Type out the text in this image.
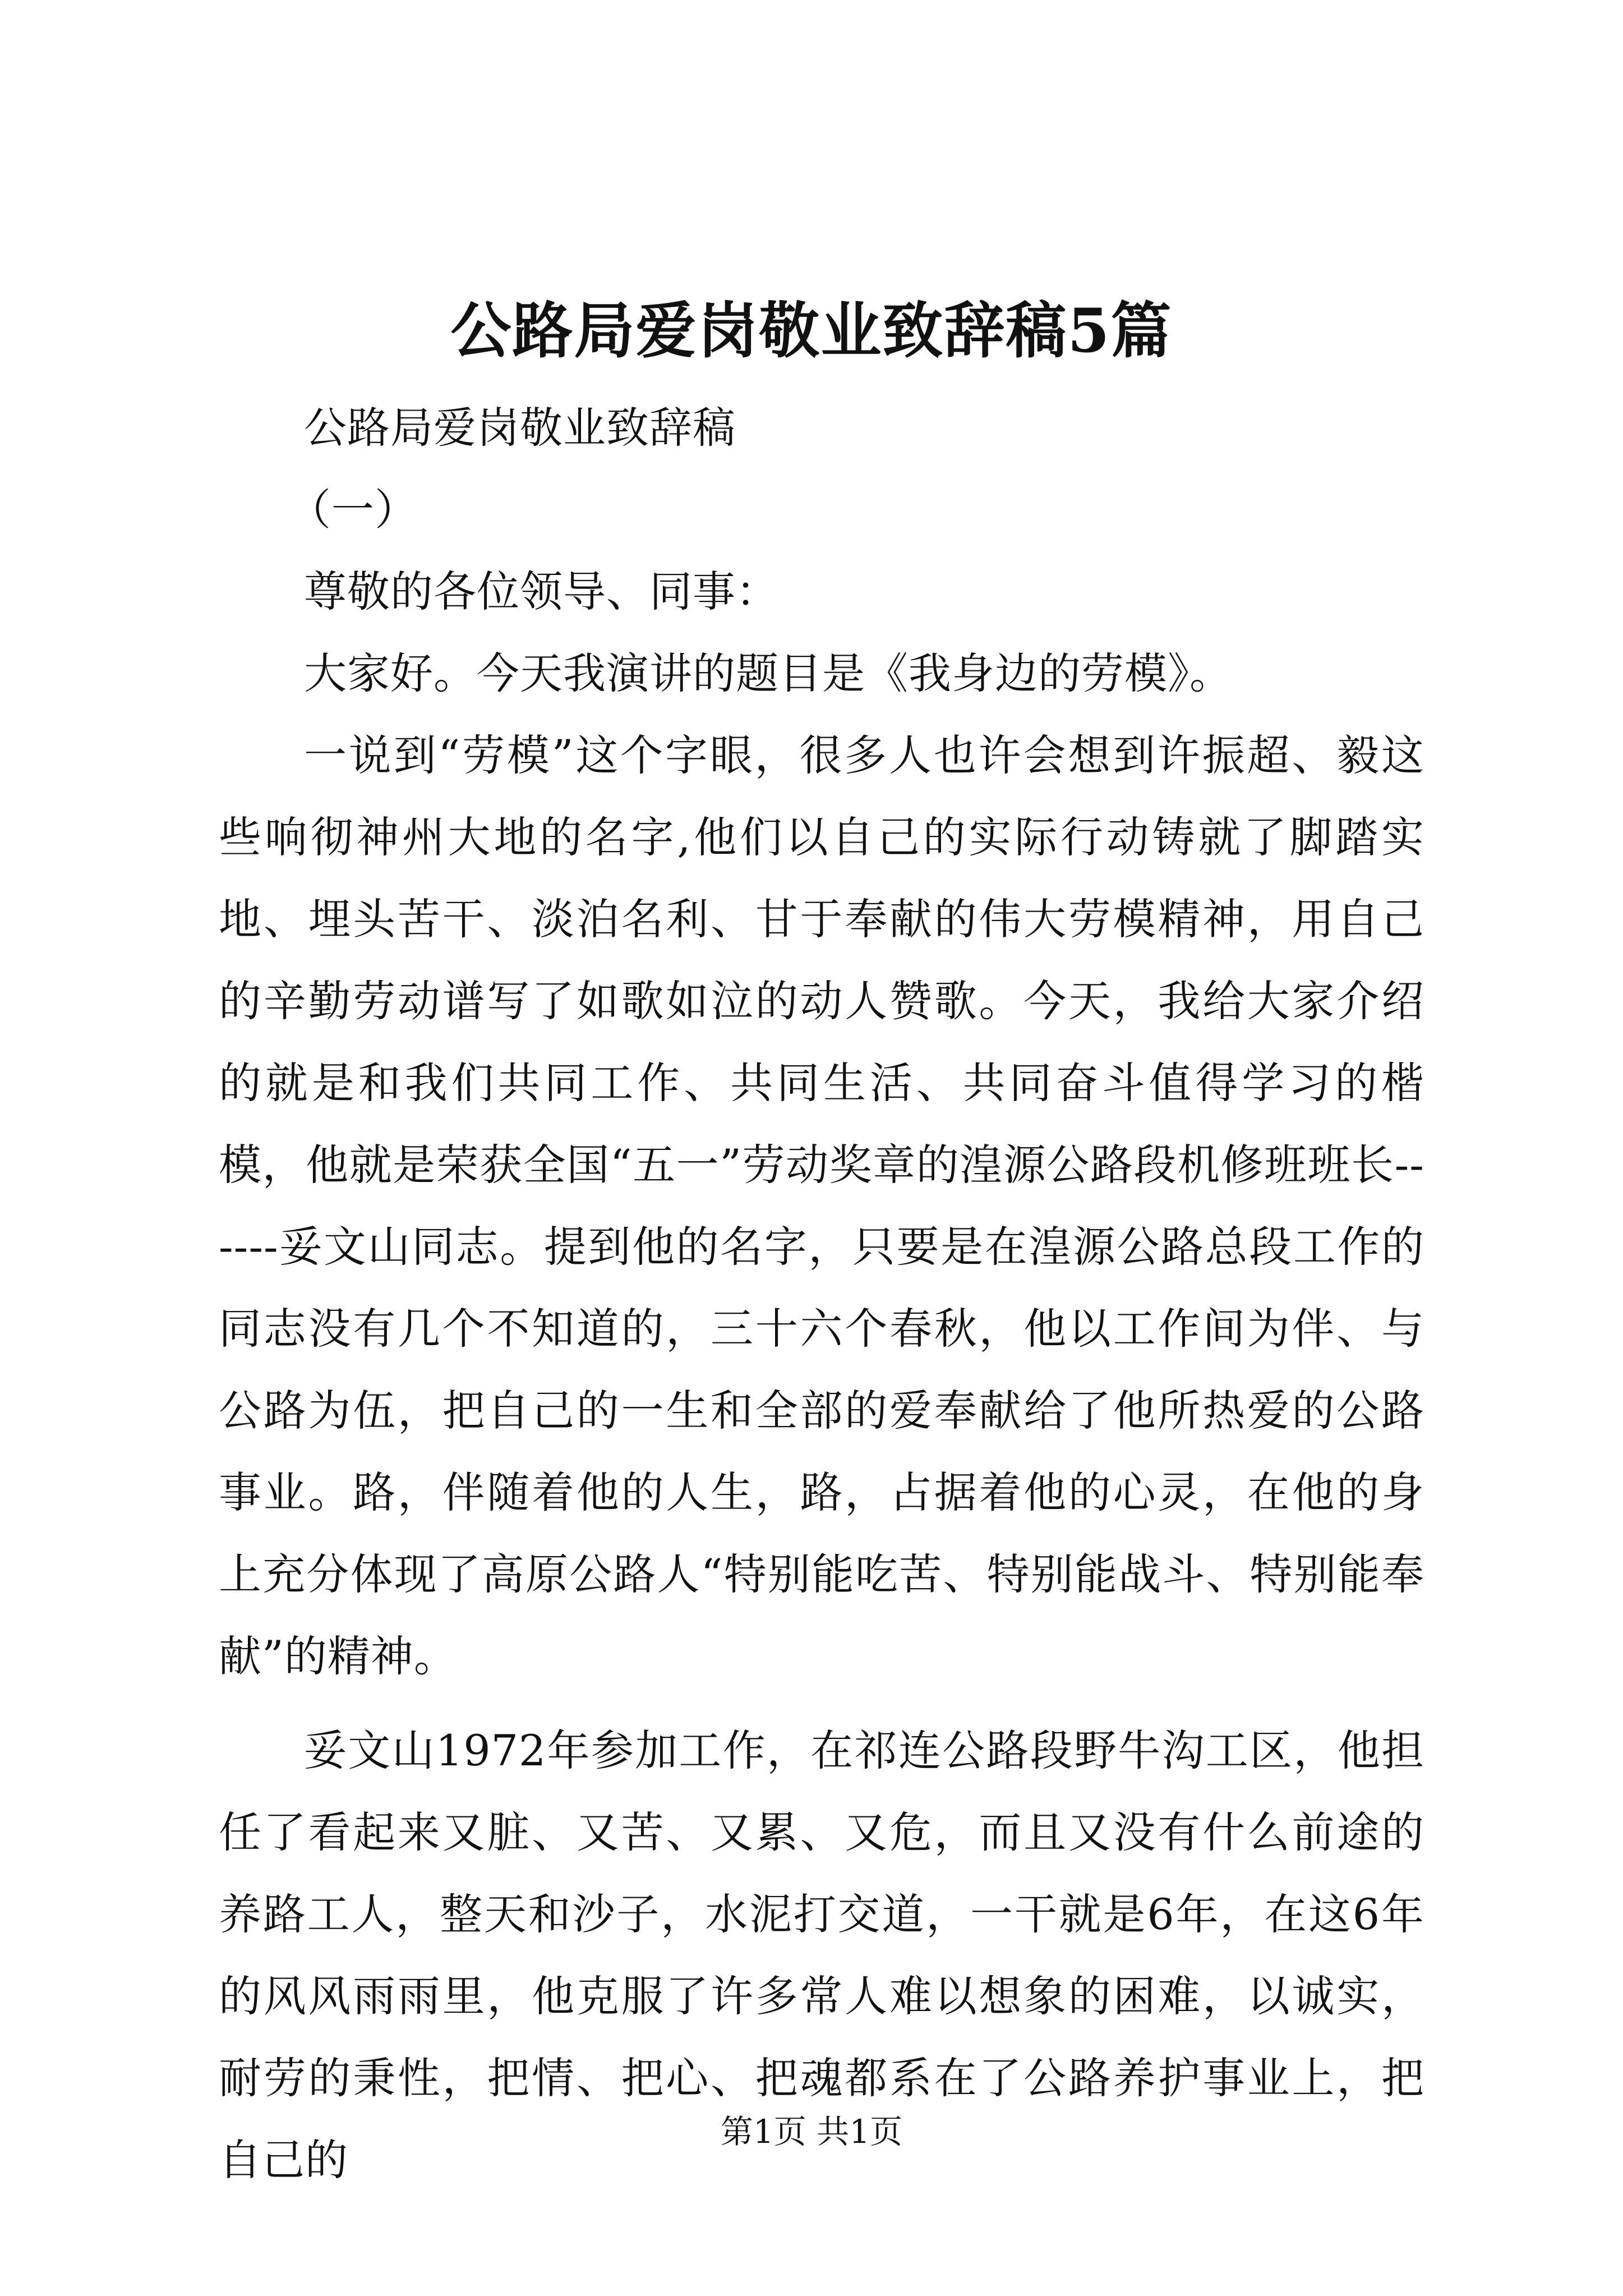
公路局爱岗敬业致辞稿5篇

公路局爱岗敬业致辞稿

（一）

尊敬的各位领导、同事：

大家好。今天我演讲的题目是《我身边的劳模》。

一说到“劳模”这个字眼，很多人也许会想到许振超、毅这些响彻神州大地的名字,他们以自己的实际行动铸就了脚踏实地、埋头苦干、淡泊名利、甘于奉献的伟大劳模精神，用自己的辛勤劳动谱写了如歌如泣的动人赞歌。今天，我给大家介绍的就是和我们共同工作、共同生活、共同奋斗值得学习的楷模，他就是荣获全国“五一”劳动奖章的湟源公路段机修班班长------妥文山同志。提到他的名字，只要是在湟源公路总段工作的同志没有几个不知道的，三十六个春秋，他以工作间为伴、与公路为伍，把自己的一生和全部的爱奉献给了他所热爱的公路事业。路，伴随着他的人生，路，占据着他的心灵，在他的身上充分体现了高原公路人“特别能吃苦、特别能战斗、特别能奉献”的精神。

妥文山1972年参加工作，在祁连公路段野牛沟工区，他担任了看起来又脏、又苦、又累、又危，而且又没有什么前途的养路工人，整天和沙子，水泥打交道，一干就是6年，在这6年的风风雨雨里，他克服了许多常人难以想象的困难，以诚实，耐劳的秉性，把情、把心、把魂都系在了公路养护事业上，把自己的

第1页 共1页
